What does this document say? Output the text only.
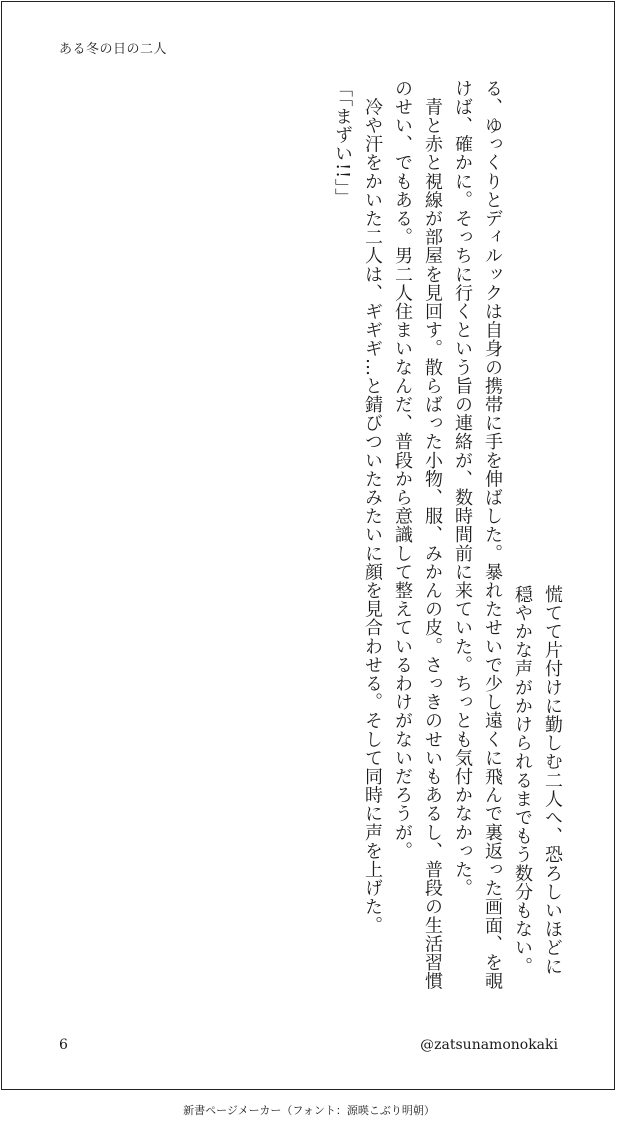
ある冬の日の二人

慌てて片付けに勤しむ二人へ、恐ろしいほどに

穏やかな声がかけられるまでもう数分もない。

る、ゆっくりとディルックは自身の携帯に手を伸ばした。暴れたせいで少し遠くに飛んで裏返った画面、を覗けば、確かに。そっちに行くという旨の連絡が、数時間前に来ていた。ちっとも気付かなかった。

　青と赤と視線が部屋を見回す。散らばった小物、服、みかんの皮。さっきのせいもあるし、普段の生活習慣のせい、でもある。男二人住まいなんだ、普段から意識して整えているわけがないだろうが。

　冷や汗をかいた二人は、ギギギ…と錆びついたみたいに顔を見合わせる。そして同時に声を上げた。

「「まずい!!」」

6	@zatsunamonokaki
新書ページメーカー（フォント：源暎こぶり明朝）
